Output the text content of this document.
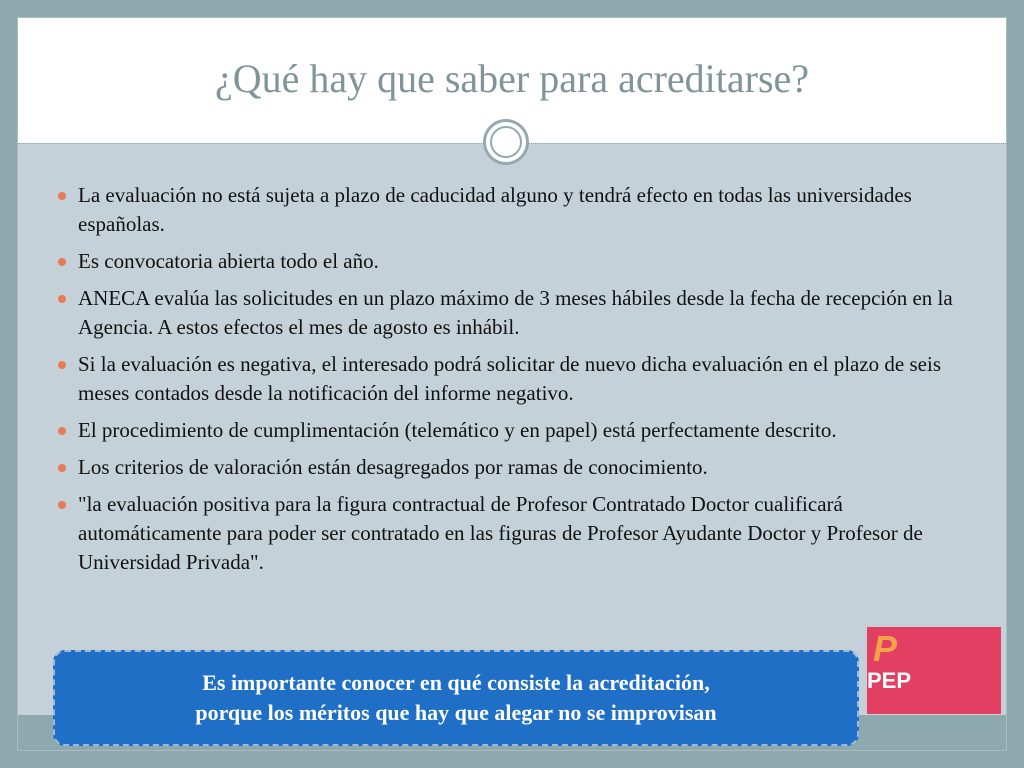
¿Qué hay que saber para acreditarse?
La evaluación no está sujeta a plazo de caducidad alguno y tendrá efecto en todas las universidades españolas.
Es convocatoria abierta todo el año.
ANECA evalúa las solicitudes en un plazo máximo de 3 meses hábiles desde la fecha de recepción en la Agencia. A estos efectos el mes de agosto es inhábil.
Si la evaluación es negativa, el interesado podrá solicitar de nuevo dicha evaluación en el plazo de seis meses contados desde la notificación del informe negativo.
El procedimiento de cumplimentación (telemático y en papel) está perfectamente descrito.
Los criterios de valoración están desagregados por ramas de conocimiento.
"la evaluación positiva para la figura contractual de Profesor Contratado Doctor cualificará automáticamente para poder ser contratado en las figuras de Profesor Ayudante Doctor y Profesor de Universidad Privada".
P
PEP

Es importante conocer en qué consiste la acreditación,
porque los méritos que hay que alegar no se improvisan
